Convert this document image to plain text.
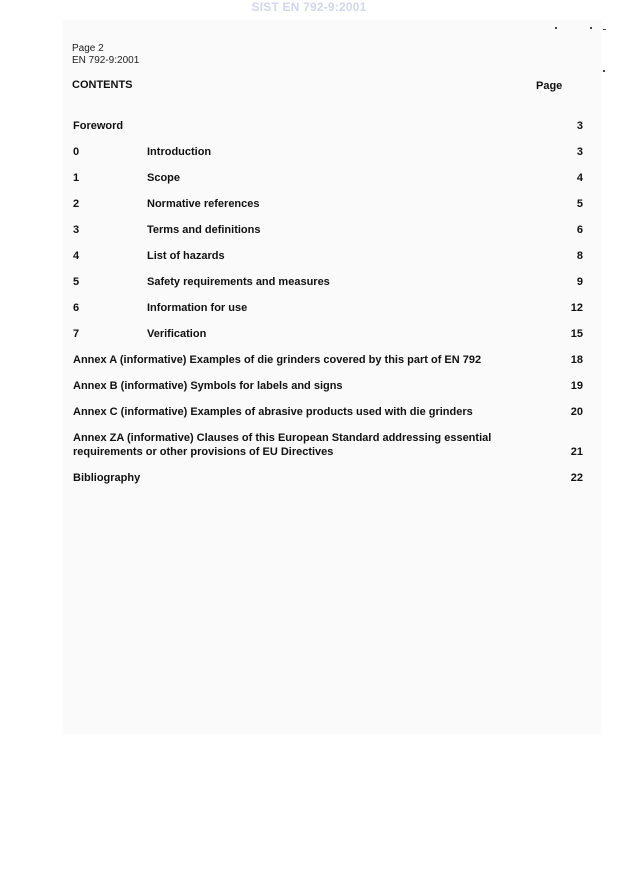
SIST EN 792-9:2001
Page 2
EN 792-9:2001
CONTENTS	Page
Foreword	3
0	Introduction	3
1	Scope	4
2	Normative references	5
3	Terms and definitions	6
4	List of hazards	8
5	Safety requirements and measures	9
6	Information for use	12
7	Verification	15
Annex A (informative) Examples of die grinders covered by this part of EN 792	18
Annex B (informative) Symbols for labels and signs	19
Annex C (informative) Examples of abrasive products used with die grinders	20
Annex ZA (informative) Clauses of this European Standard addressing essential requirements or other provisions of EU Directives	21
Bibliography	22
